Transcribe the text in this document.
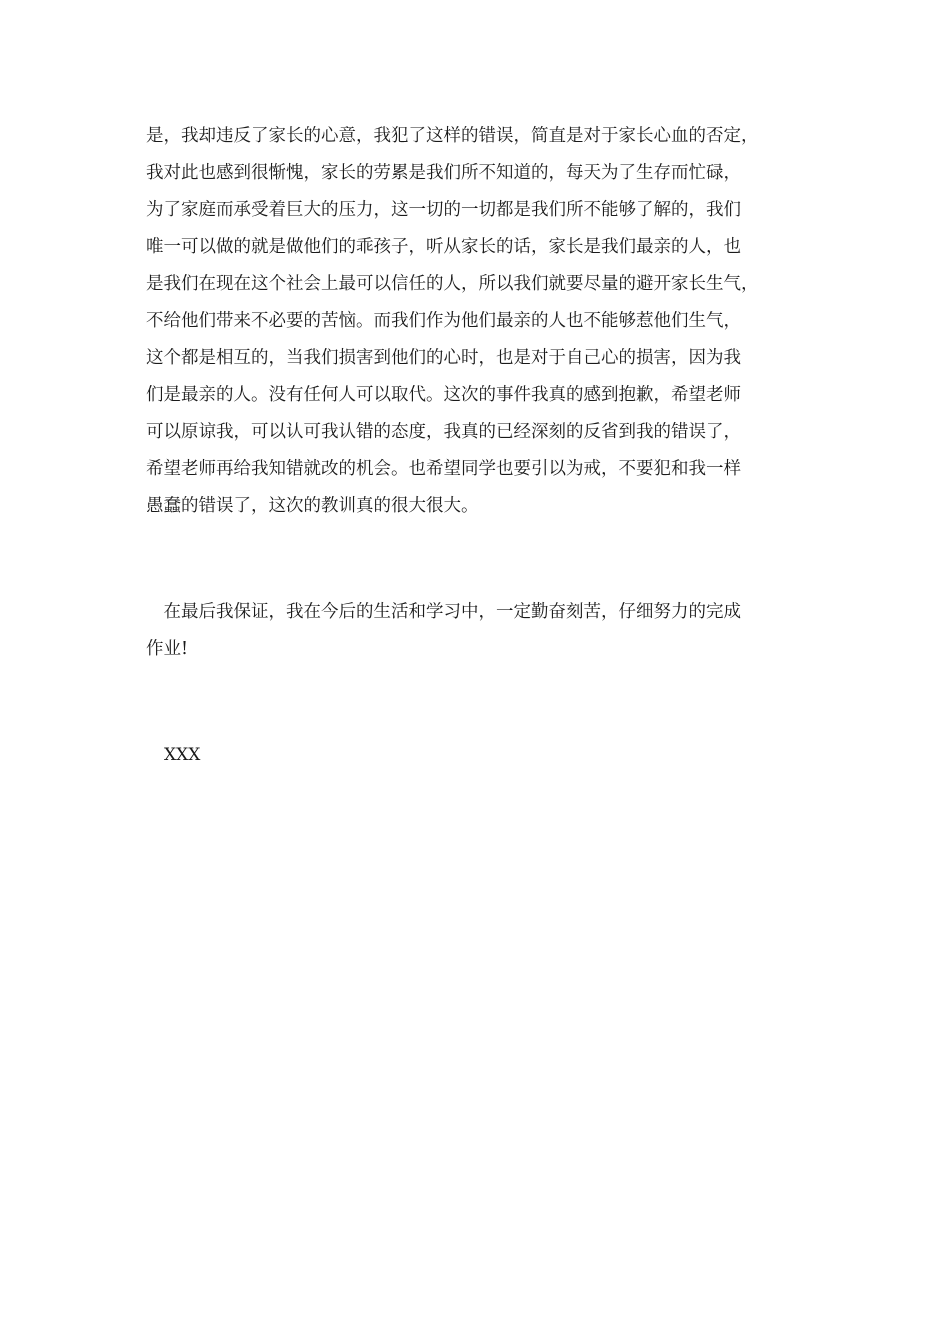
是，我却违反了家长的心意，我犯了这样的错误，简直是对于家长心血的否定，
我对此也感到很惭愧，家长的劳累是我们所不知道的，每天为了生存而忙碌，
为了家庭而承受着巨大的压力，这一切的一切都是我们所不能够了解的，我们
唯一可以做的就是做他们的乖孩子，听从家长的话，家长是我们最亲的人，也
是我们在现在这个社会上最可以信任的人，所以我们就要尽量的避开家长生气，
不给他们带来不必要的苦恼。而我们作为他们最亲的人也不能够惹他们生气，
这个都是相互的，当我们损害到他们的心时，也是对于自己心的损害，因为我
们是最亲的人。没有任何人可以取代。这次的事件我真的感到抱歉，希望老师
可以原谅我，可以认可我认错的态度，我真的已经深刻的反省到我的错误了，
希望老师再给我知错就改的机会。也希望同学也要引以为戒，不要犯和我一样
愚蠢的错误了，这次的教训真的很大很大。
　在最后我保证，我在今后的生活和学习中，一定勤奋刻苦，仔细努力的完成
作业!
XXX
